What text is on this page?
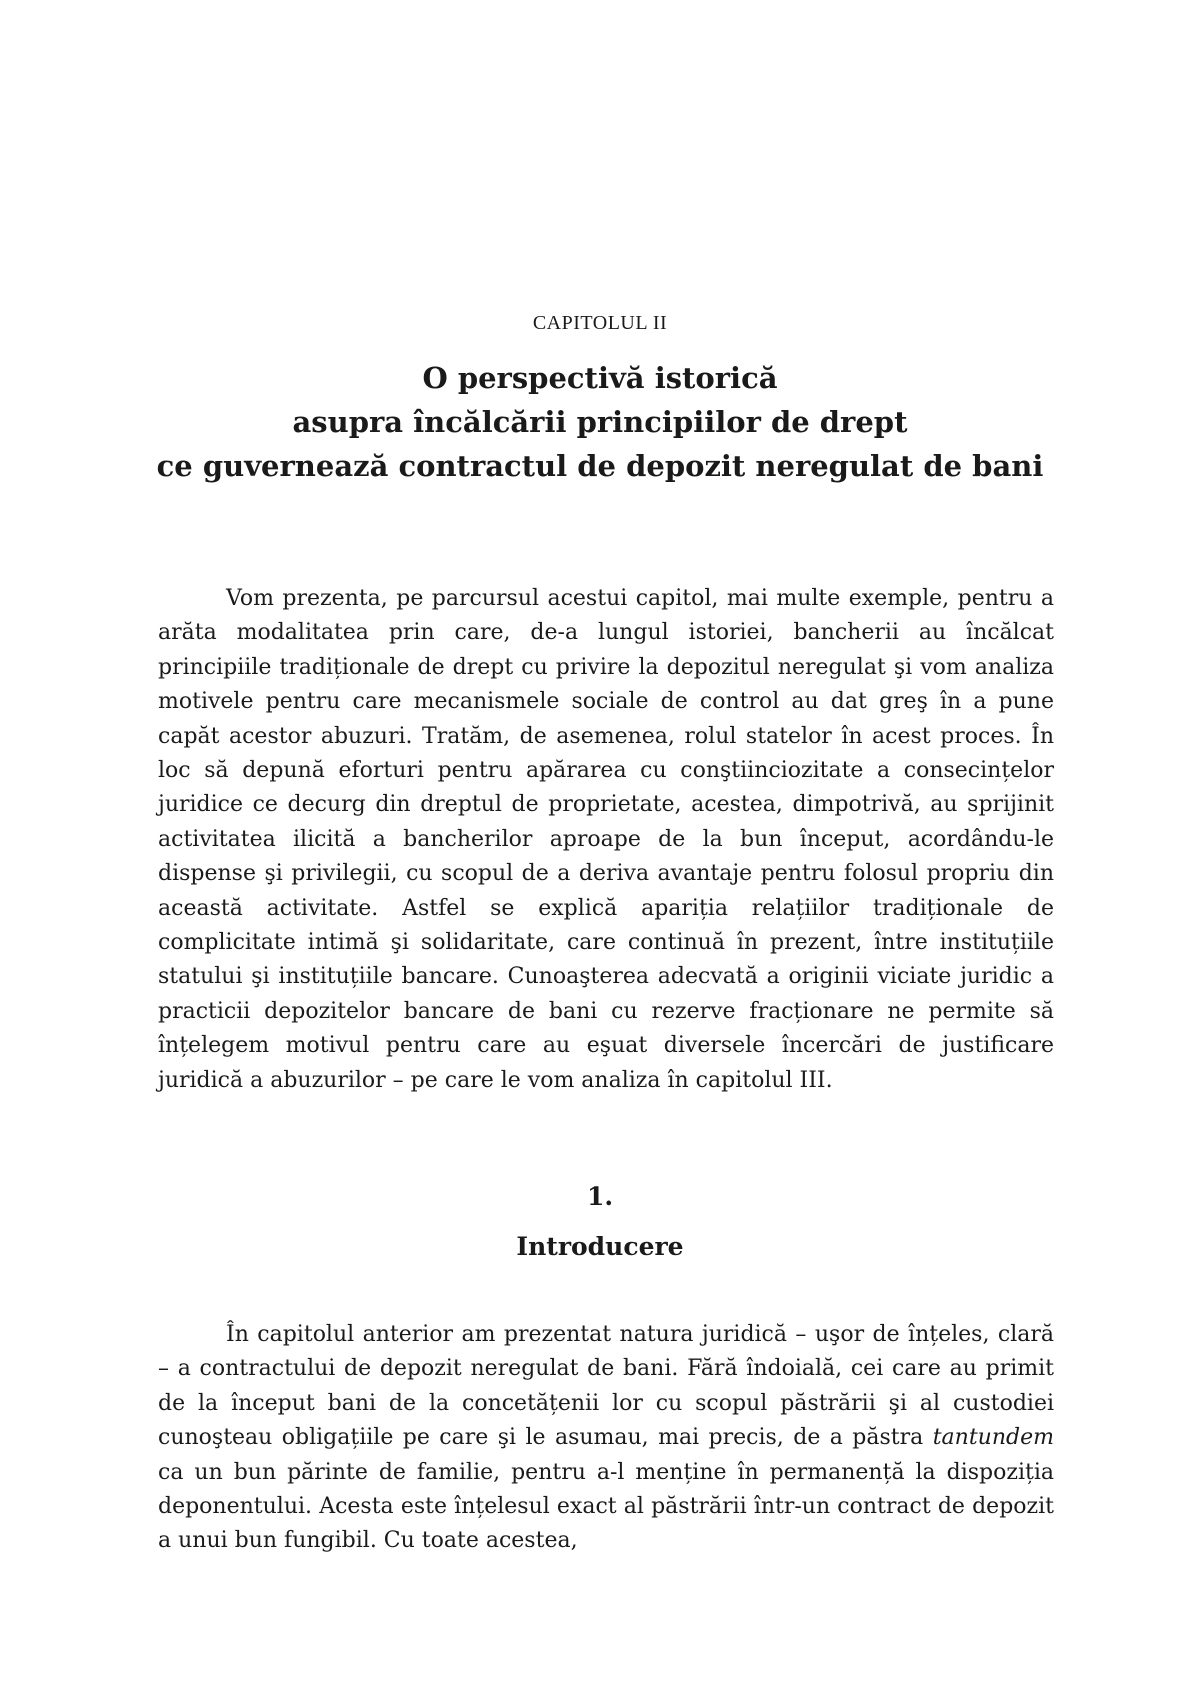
CAPITOLUL II
O perspectivă istorică
asupra încălcării principiilor de drept
ce guvernează contractul de depozit neregulat de bani

Vom prezenta, pe parcursul acestui capitol, mai multe exemple, pentru a arăta modalitatea prin care, de-a lungul istoriei, bancherii au încălcat principiile tradiționale de drept cu privire la depozitul neregulat şi vom analiza motivele pentru care mecanismele sociale de control au dat greş în a pune capăt acestor abuzuri. Tratăm, de asemenea, rolul statelor în acest proces. În loc să depună eforturi pentru apărarea cu conştiinciozitate a consecințelor juridice ce decurg din dreptul de proprietate, acestea, dimpotrivă, au sprijinit activitatea ilicită a bancherilor aproape de la bun început, acordându-le dispense şi privilegii, cu scopul de a deriva avantaje pentru folosul propriu din această activitate. Astfel se explică apariția relațiilor tradiționale de complicitate intimă şi solidaritate, care continuă în prezent, între instituțiile statului şi instituțiile bancare. Cunoaşterea adecvată a originii viciate juridic a practicii depozitelor bancare de bani cu rezerve fracționare ne permite să înțelegem motivul pentru care au eşuat diversele încercări de justificare juridică a abuzurilor – pe care le vom analiza în capitolul III.

1.
Introducere

În capitolul anterior am prezentat natura juridică – uşor de înțeles, clară – a contractului de depozit neregulat de bani. Fără îndoială, cei care au primit de la început bani de la concetățenii lor cu scopul păstrării şi al custodiei cunoşteau obligațiile pe care şi le asumau, mai precis, de a păstra tantundem ca un bun părinte de familie, pentru a-l menține în permanență la dispoziția deponentului. Acesta este înțelesul exact al păstrării într-un contract de depozit a unui bun fungibil. Cu toate acestea,
